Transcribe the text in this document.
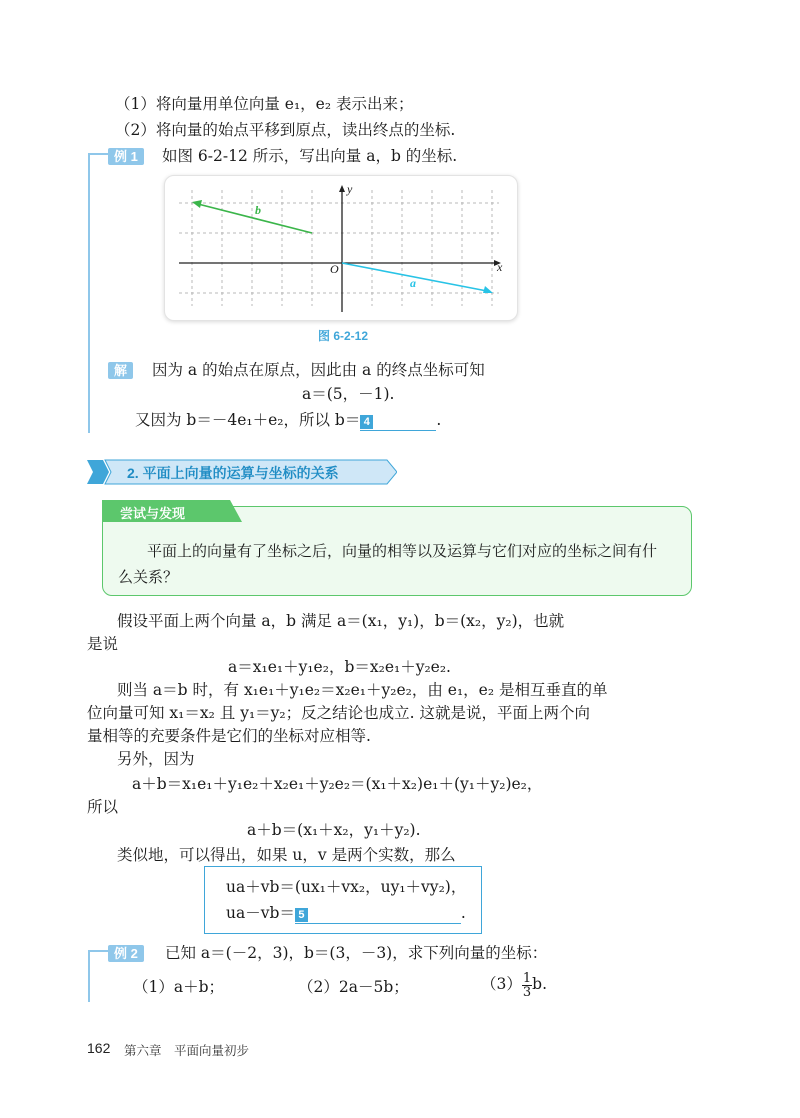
（1）将向量用单位向量 e₁，e₂ 表示出来；
（2）将向量的始点平移到原点，读出终点的坐标.
例 1	如图 6-2-12 所示，写出向量 a，b 的坐标.
y
x
O
a
b
图 6-2-12
解	因为 a 的始点在原点，因此由 a 的终点坐标可知
a＝(5，－1).
又因为 b＝－4e₁＋e₂，所以 b＝ 4	.
2. 平面上向量的运算与坐标的关系
尝试与发现
平面上的向量有了坐标之后，向量的相等以及运算与它们对应的坐标之间有什
么关系？
假设平面上两个向量 a，b 满足 a＝(x₁，y₁)，b＝(x₂，y₂)，也就
是说
a＝x₁e₁＋y₁e₂，b＝x₂e₁＋y₂e₂.
则当 a＝b 时，有 x₁e₁＋y₁e₂＝x₂e₁＋y₂e₂，由 e₁，e₂ 是相互垂直的单
位向量可知 x₁＝x₂ 且 y₁＝y₂；反之结论也成立. 这就是说，平面上两个向
量相等的充要条件是它们的坐标对应相等.
另外，因为
a＋b＝x₁e₁＋y₁e₂＋x₂e₁＋y₂e₂＝(x₁＋x₂)e₁＋(y₁＋y₂)e₂，
所以
a＋b＝(x₁＋x₂，y₁＋y₂).
类似地，可以得出，如果 u，v 是两个实数，那么
ua＋vb＝(ux₁＋vx₂，uy₁＋vy₂)，
ua－vb＝ 5	.
例 2	已知 a＝(－2，3)，b＝(3，－3)，求下列向量的坐标：
（1）a＋b；	（2）2a－5b；	$(3) \frac{1}{3} b$.
162 第六章　平面向量初步
